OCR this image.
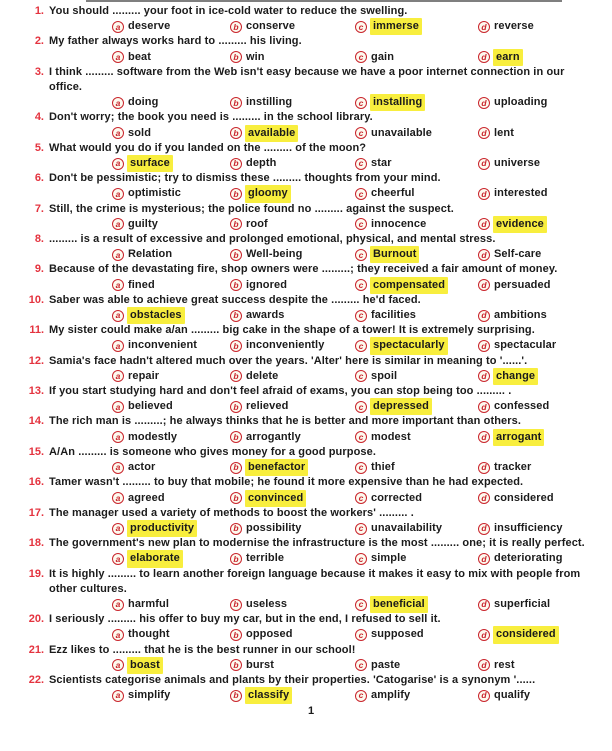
1. You should ......... your foot in ice-cold water to reduce the swelling.
a deserve	b conserve	c immerse	d reverse
2. My father always works hard to ......... his living.
a beat	b win	c gain	d earn
3. I think ......... software from the Web isn't easy because we have a poor internet connection in our office.
a doing	b instilling	c installing	d uploading
4. Don't worry; the book you need is ......... in the school library.
a sold	b available	c unavailable	d lent
5. What would you do if you landed on the ......... of the moon?
a surface	b depth	c star	d universe
6. Don't be pessimistic; try to dismiss these ......... thoughts from your mind.
a optimistic	b gloomy	c cheerful	d interested
7. Still, the crime is mysterious; the police found no ......... against the suspect.
a guilty	b roof	c innocence	d evidence
8. ......... is a result of excessive and prolonged emotional, physical, and mental stress.
a Relation	b Well-being	c Burnout	d Self-care
9. Because of the devastating fire, shop owners were .........; they received a fair amount of money.
a fined	b ignored	c compensated	d persuaded
10. Saber was able to achieve great success despite the ......... he'd faced.
a obstacles	b awards	c facilities	d ambitions
11. My sister could make a/an ......... big cake in the shape of a tower! It is extremely surprising.
a inconvenient	b inconveniently	c spectacularly	d spectacular
12. Samia's face hadn't altered much over the years. 'Alter' here is similar in meaning to '......'.
a repair	b delete	c spoil	d change
13. If you start studying hard and don't feel afraid of exams, you can stop being too ......... .
a believed	b relieved	c depressed	d confessed
14. The rich man is .........; he always thinks that he is better and more important than others.
a modestly	b arrogantly	c modest	d arrogant
15. A/An ......... is someone who gives money for a good purpose.
a actor	b benefactor	c thief	d tracker
16. Tamer wasn't ......... to buy that mobile; he found it more expensive than he had expected.
a agreed	b convinced	c corrected	d considered
17. The manager used a variety of methods to boost the workers' ......... .
a productivity	b possibility	c unavailability	d insufficiency
18. The government's new plan to modernise the infrastructure is the most ......... one; it is really perfect.
a elaborate	b terrible	c simple	d deteriorating
19. It is highly ......... to learn another foreign language because it makes it easy to mix with people from other cultures.
a harmful	b useless	c beneficial	d superficial
20. I seriously ......... his offer to buy my car, but in the end, I refused to sell it.
a thought	b opposed	c supposed	d considered
21. Ezz likes to ......... that he is the best runner in our school!
a boast	b burst	c paste	d rest
22. Scientists categorise animals and plants by their properties. 'Catogarise' is a synonym '......
a simplify	b classify	c amplify	d qualify
1
